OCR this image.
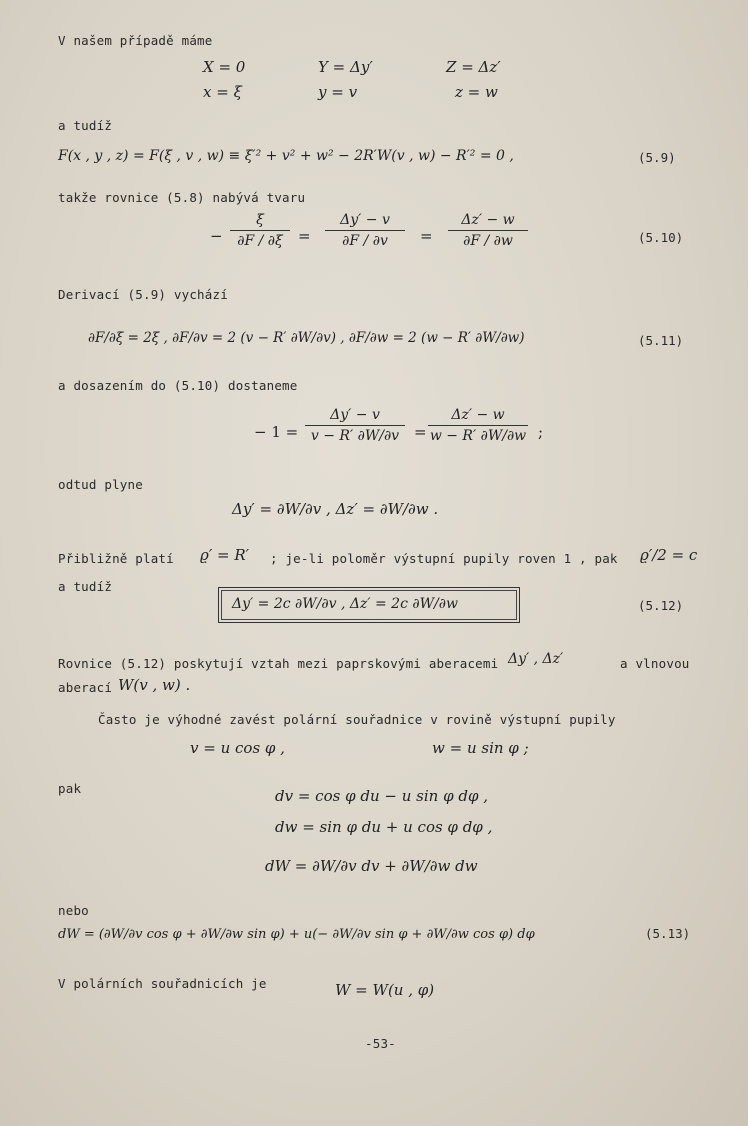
V našem případě máme
X = 0	Y = Δy′	Z = Δz′
x = ξ	y = v	z = w
a tudíž
F(x , y , z) = F(ξ , v , w) ≡ ξ′² + v² + w² − 2R′W(v , w) − R′² = 0 ,	(5.9)
takže rovnice (5.8) nabývá tvaru
− $\frac{\xi}{\partial F / \partial\xi} = \frac{\Delta y' - v}{\partial F / \partial v} = \frac{\Delta z' - w}{\partial F / \partial w}$	(5.10)
Derivací (5.9) vychází
∂F/∂ξ = 2ξ , ∂F/∂v = 2 (v − R′ ∂W/∂v) , ∂F/∂w = 2 (w − R′ ∂W/∂w)	(5.11)
a dosazením do (5.10) dostaneme
− $1 = \frac{\Delta y' - v}{v - R' \partial W/\partial v} = \frac{\Delta z' - w}{w - R' \partial W/\partial w}$ ;
odtud plyne
Δy′ = ∂W/∂v , Δz′ = ∂W/∂w .
Přibližně platí ϱ′ = R′ ; je-li poloměr výstupní pupily roven 1 , pak ϱ′/2 = c
a tudíž
Δy′ = 2c ∂W/∂v , Δz′ = 2c ∂W/∂w	(5.12)
Rovnice (5.12) poskytují vztah mezi paprskovými aberacemi Δy′ , Δz′	a vlnovou
aberací W(v , w) .
Často je výhodné zavést polární souřadnice v rovině výstupní pupily
v = u cos φ ,	w = u sin φ ;
pak	dv = cos φ du − u sin φ dφ ,
dw = sin φ du + u cos φ dφ ,
dW = ∂W/∂v dv + ∂W/∂w dw
nebo
dW = (∂W/∂v cos φ + ∂W/∂w sin φ) + u(− ∂W/∂v sin φ + ∂W/∂w cos φ) dφ	(5.13)
V polárních souřadnicích je	W = W(u , φ)
-53-
